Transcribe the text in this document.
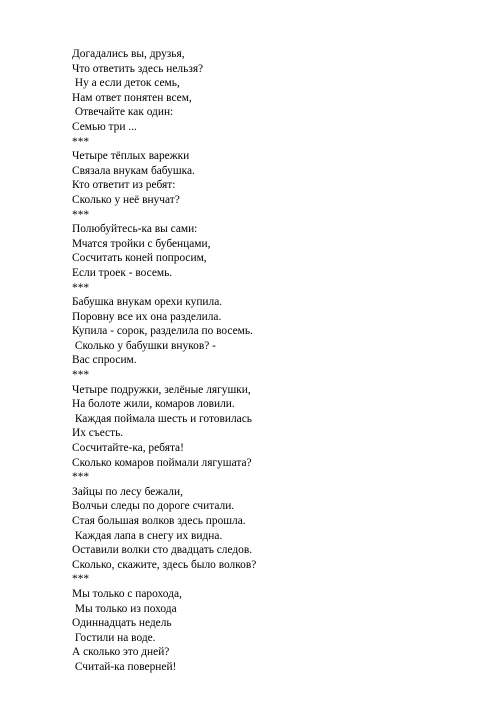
Догадались вы, друзья,
Что ответить здесь нельзя?
Ну а если деток семь,
Нам ответ понятен всем,
Отвечайте как один:
Семью три ...
***
Четыре тёплых варежки
Связала внукам бабушка.
Кто ответит из ребят:
Сколько у неё внучат?
***
Полюбуйтесь-ка вы сами:
Мчатся тройки с бубенцами,
Сосчитать коней попросим,
Если троек - восемь.
***
Бабушка внукам орехи купила.
Поровну все их она разделила.
Купила - сорок, разделила по восемь.
Сколько у бабушки внуков? -
Вас спросим.
***
Четыре подружки, зелёные лягушки,
На болоте жили, комаров ловили.
Каждая поймала шесть и готовилась
Их съесть.
Сосчитайте-ка, ребята!
Сколько комаров поймали лягушата?
***
Зайцы по лесу бежали,
Волчьи следы по дороге считали.
Стая большая волков здесь прошла.
Каждая лапа в снегу их видна.
Оставили волки сто двадцать следов.
Сколько, скажите, здесь было волков?
***
Мы только с парохода,
Мы только из похода
Одиннадцать недель
Гостили на воде.
А сколько это дней?
Считай-ка поверней!
